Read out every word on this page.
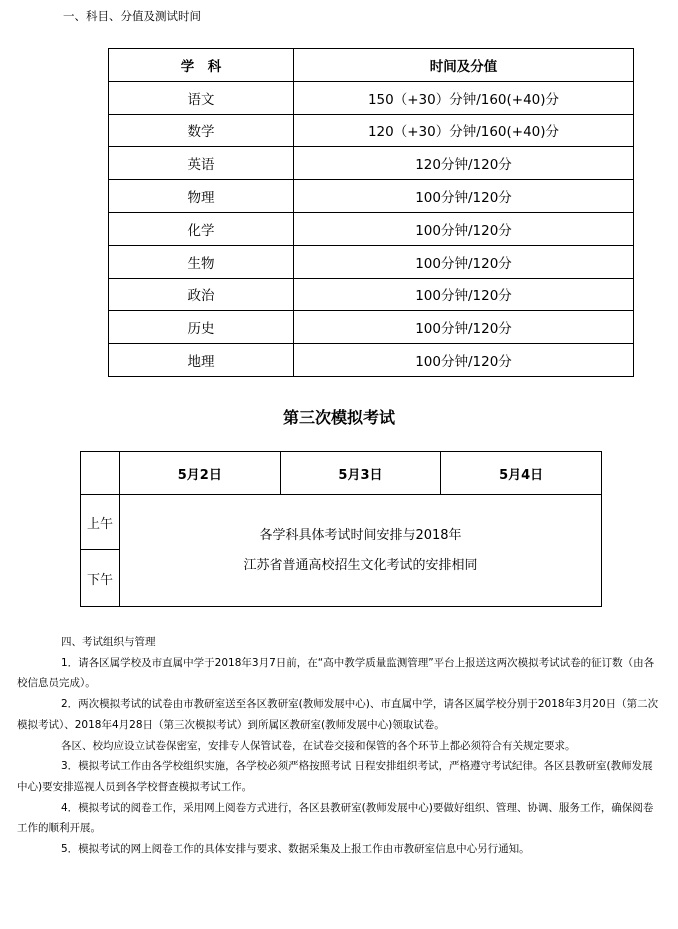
一、科目、分值及测试时间
学　科	时间及分值
语文	150（+30）分钟/160(+40)分
数学	120（+30）分钟/160(+40)分
英语	120分钟/120分
物理	100分钟/120分
化学	100分钟/120分
生物	100分钟/120分
政治	100分钟/120分
历史	100分钟/120分
地理	100分钟/120分
第三次模拟考试
	5月2日	5月3日	5月4日
上午	各学科具体考试时间安排与2018年
江苏省普通高校招生文化考试的安排相同		

下午			

四、考试组织与管理

1．请各区属学校及市直属中学于2018年3月7日前，在“高中教学质量监测管理”平台上报送这两次模拟考试试卷的征订数（由各校信息员完成）。

2．两次模拟考试的试卷由市教研室送至各区教研室(教师发展中心)、市直属中学，请各区属学校分别于2018年3月20日（第二次模拟考试）、2018年4月28日（第三次模拟考试）到所属区教研室(教师发展中心)领取试卷。

各区、校均应设立试卷保密室，安排专人保管试卷，在试卷交接和保管的各个环节上都必须符合有关规定要求。

3．模拟考试工作由各学校组织实施，各学校必须严格按照考试 日程安排组织考试，严格遵守考试纪律。各区县教研室(教师发展中心)要安排巡视人员到各学校督查模拟考试工作。

4．模拟考试的阅卷工作，采用网上阅卷方式进行，各区县教研室(教师发展中心)要做好组织、管理、协调、服务工作，确保阅卷工作的顺利开展。

5．模拟考试的网上阅卷工作的具体安排与要求、数据采集及上报工作由市教研室信息中心另行通知。
